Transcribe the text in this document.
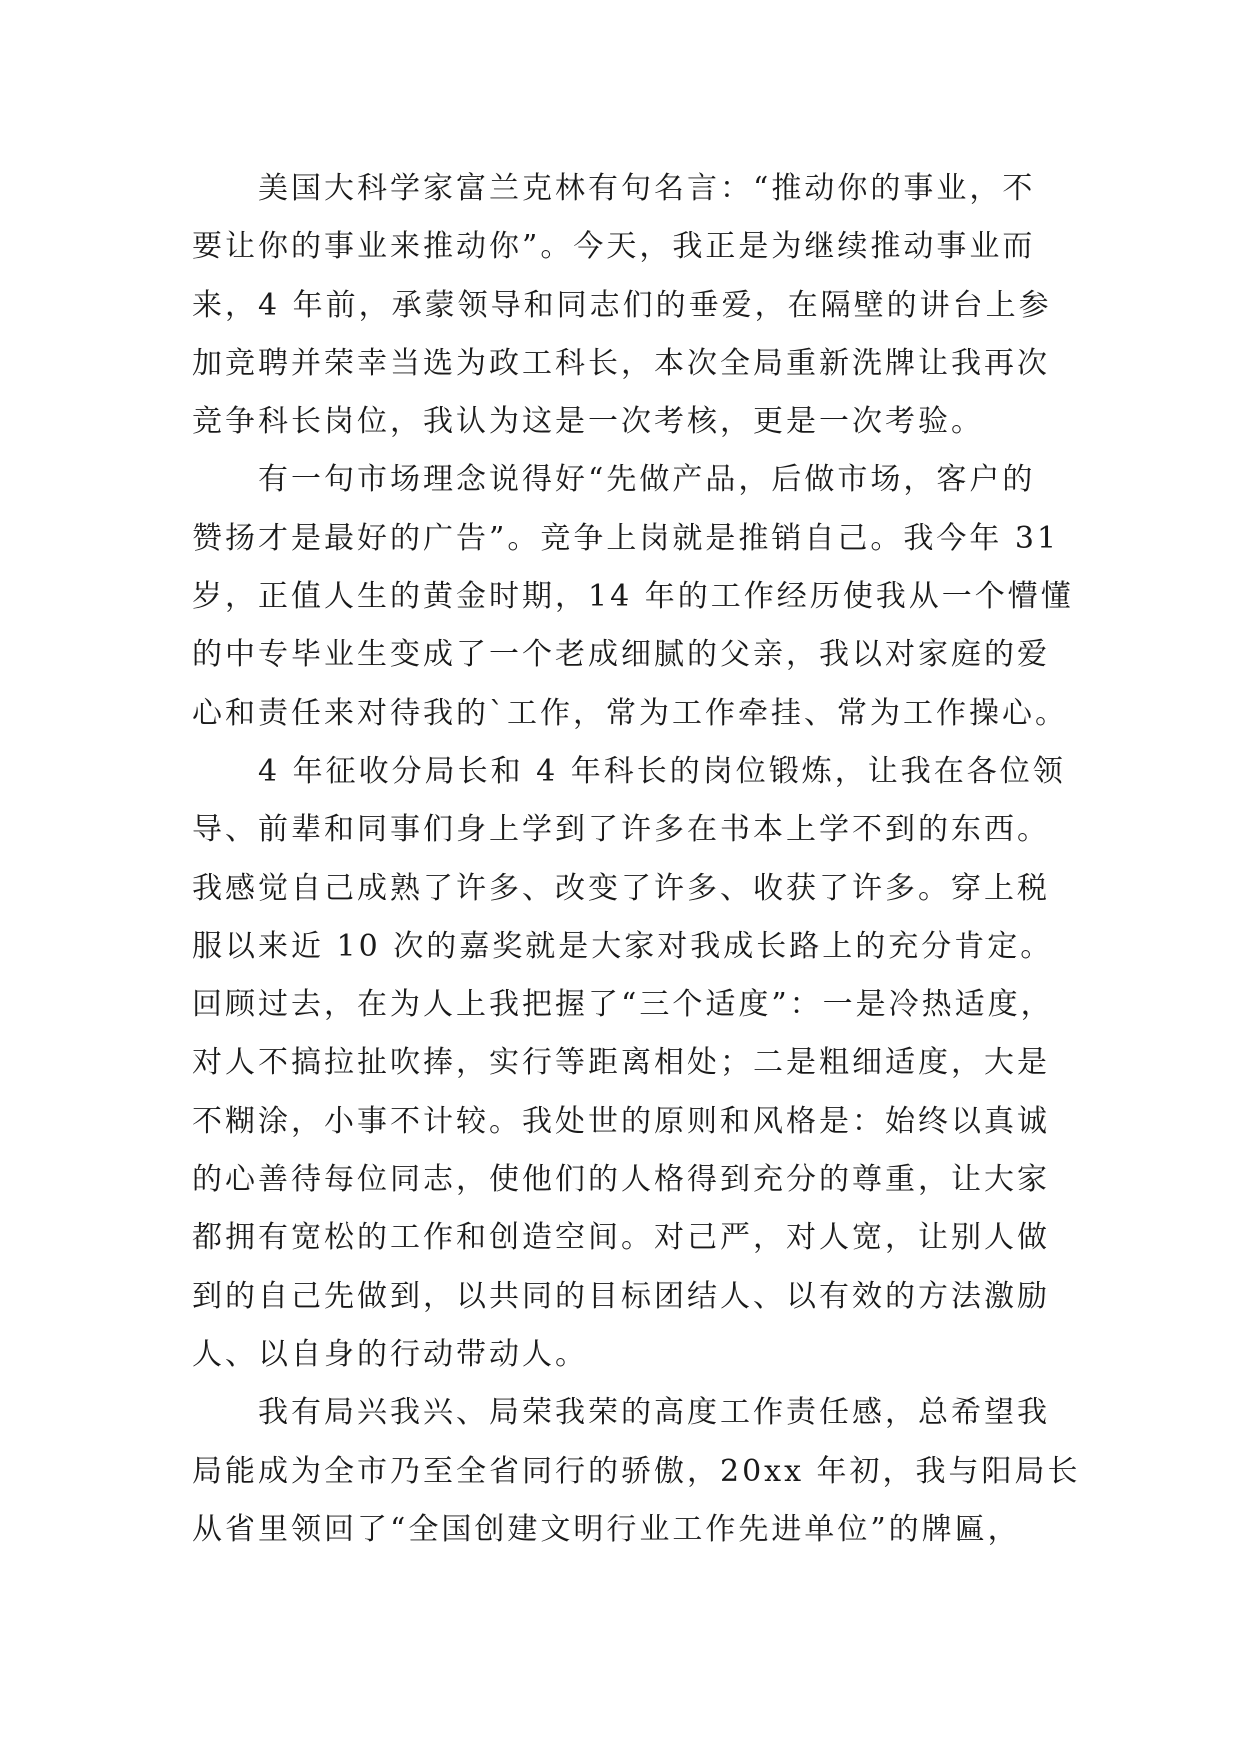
美国大科学家富兰克林有句名言：“推动你的事业，不
要让你的事业来推动你”。今天，我正是为继续推动事业而
来，4 年前，承蒙领导和同志们的垂爱，在隔壁的讲台上参
加竞聘并荣幸当选为政工科长，本次全局重新洗牌让我再次
竞争科长岗位，我认为这是一次考核，更是一次考验。

有一句市场理念说得好“先做产品，后做市场，客户的
赞扬才是最好的广告”。竞争上岗就是推销自己。我今年 31
岁，正值人生的黄金时期，14 年的工作经历使我从一个懵懂
的中专毕业生变成了一个老成细腻的父亲，我以对家庭的爱
心和责任来对待我的`工作，常为工作牵挂、常为工作操心。

4 年征收分局长和 4 年科长的岗位锻炼，让我在各位领
导、前辈和同事们身上学到了许多在书本上学不到的东西。
我感觉自己成熟了许多、改变了许多、收获了许多。穿上税
服以来近 10 次的嘉奖就是大家对我成长路上的充分肯定。
回顾过去，在为人上我把握了“三个适度”：一是冷热适度，
对人不搞拉扯吹捧，实行等距离相处；二是粗细适度，大是
不糊涂，小事不计较。我处世的原则和风格是：始终以真诚
的心善待每位同志，使他们的人格得到充分的尊重，让大家
都拥有宽松的工作和创造空间。对己严，对人宽，让别人做
到的自己先做到，以共同的目标团结人、以有效的方法激励
人、以自身的行动带动人。

我有局兴我兴、局荣我荣的高度工作责任感，总希望我
局能成为全市乃至全省同行的骄傲，20xx 年初，我与阳局长
从省里领回了“全国创建文明行业工作先进单位”的牌匾，
